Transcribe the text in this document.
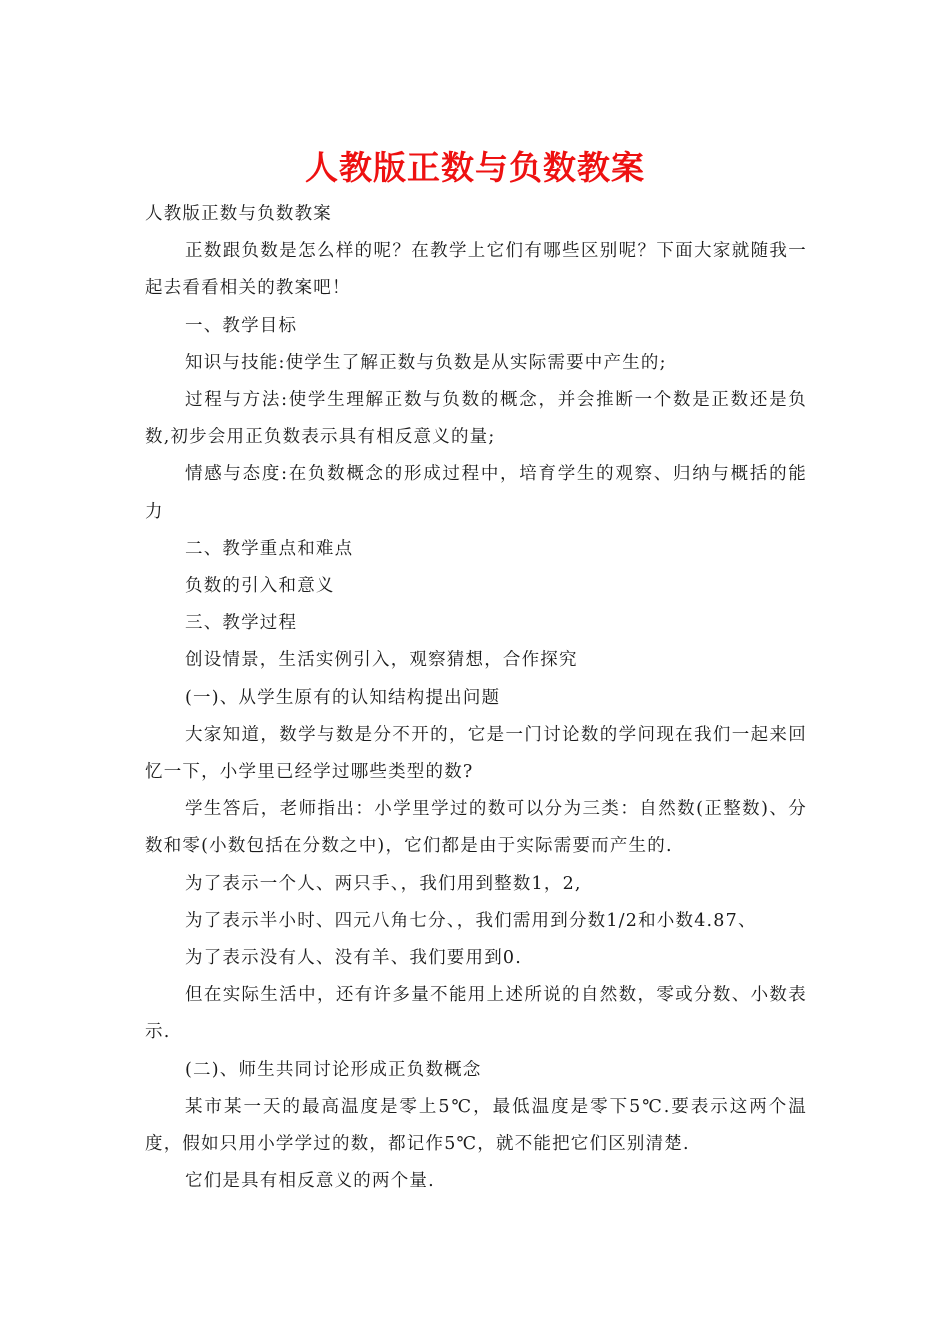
人教版正数与负数教案

人教版正数与负数教案

正数跟负数是怎么样的呢？在教学上它们有哪些区别呢？下面大家就随我一起去看看相关的教案吧！

一、教学目标

知识与技能:使学生了解正数与负数是从实际需要中产生的;

过程与方法:使学生理解正数与负数的概念，并会推断一个数是正数还是负数,初步会用正负数表示具有相反意义的量;

情感与态度:在负数概念的形成过程中，培育学生的观察、归纳与概括的能力

二、教学重点和难点

负数的引入和意义

三、教学过程

创设情景，生活实例引入，观察猜想，合作探究

(一)、从学生原有的认知结构提出问题

大家知道，数学与数是分不开的，它是一门讨论数的学问现在我们一起来回忆一下，小学里已经学过哪些类型的数?

学生答后，老师指出：小学里学过的数可以分为三类：自然数(正整数)、分数和零(小数包括在分数之中)，它们都是由于实际需要而产生的.

为了表示一个人、两只手、，我们用到整数1，2,

为了表示半小时、四元八角七分、，我们需用到分数1/2和小数4.87、

为了表示没有人、没有羊、我们要用到0.

但在实际生活中，还有许多量不能用上述所说的自然数，零或分数、小数表示.

(二)、师生共同讨论形成正负数概念

某市某一天的最高温度是零上5℃，最低温度是零下5℃.要表示这两个温度，假如只用小学学过的数，都记作5℃，就不能把它们区别清楚.

它们是具有相反意义的两个量.
